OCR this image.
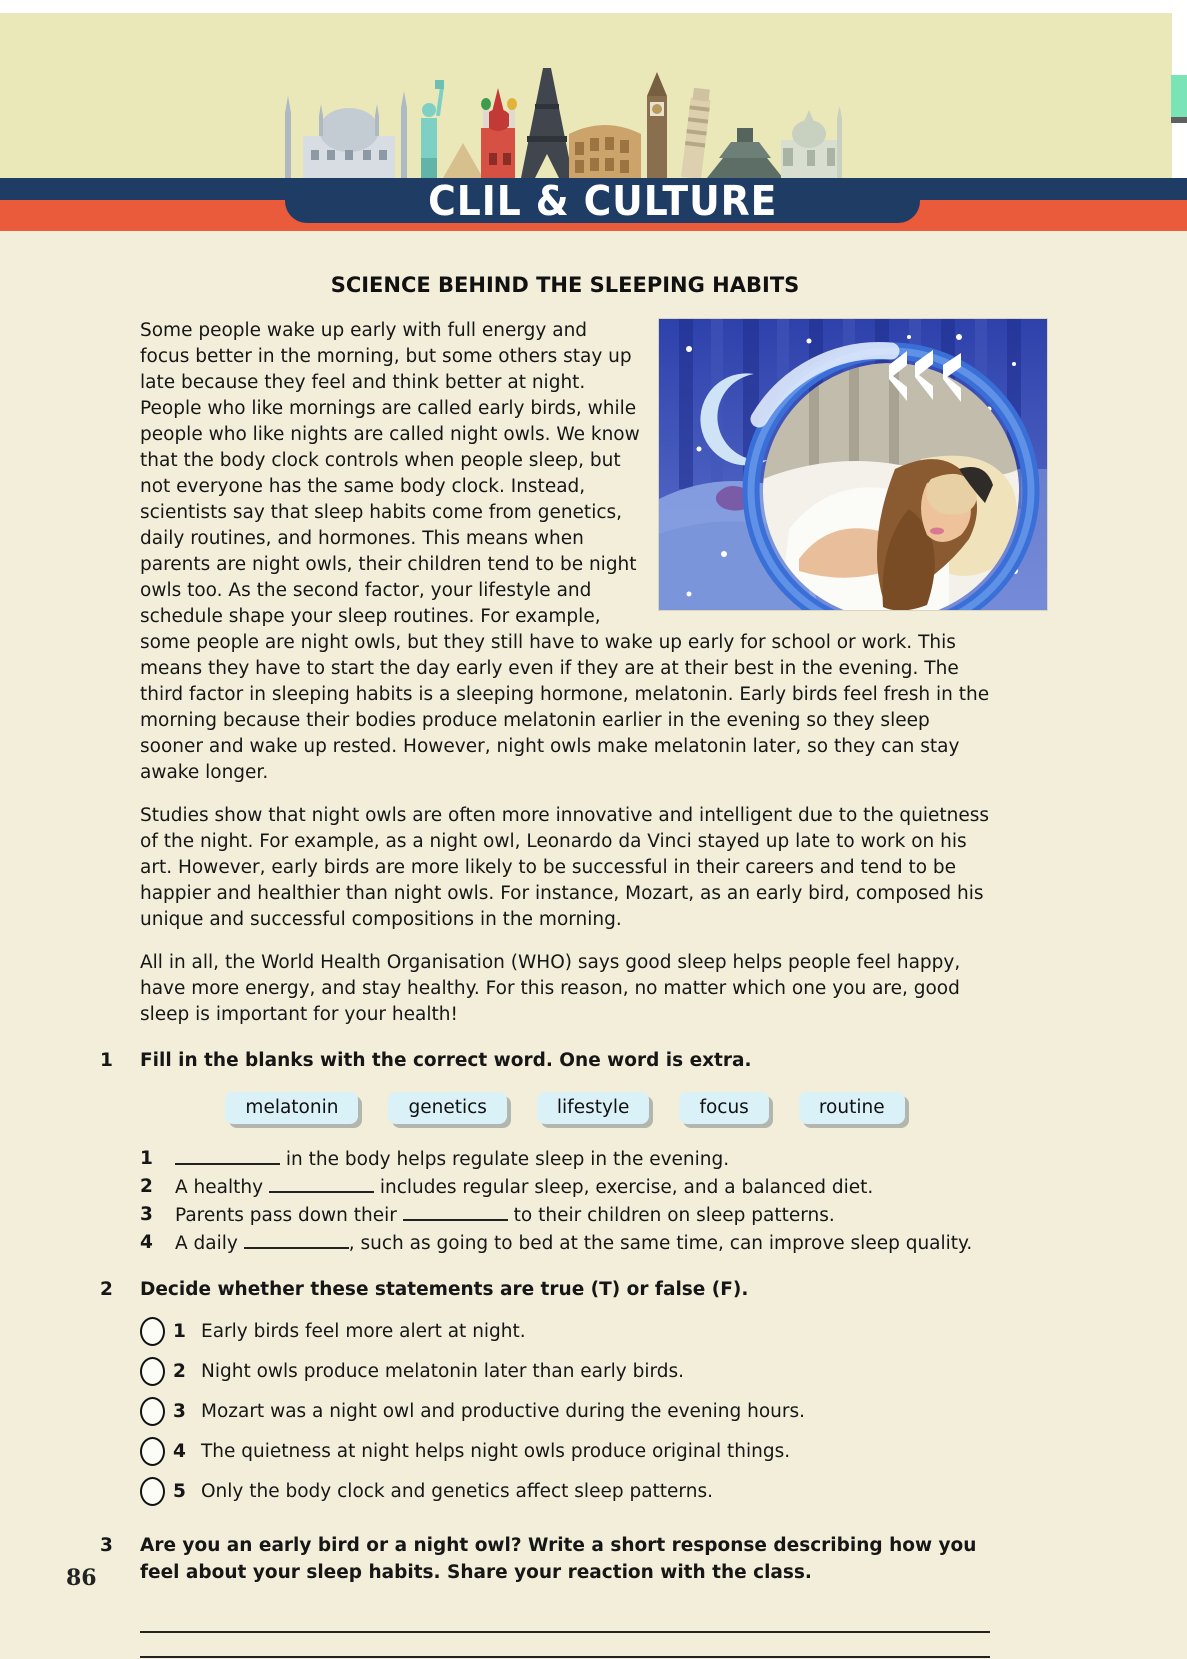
CLIL & CULTURE
SCIENCE BEHIND THE SLEEPING HABITS

Some people wake up early with full energy and focus better in the morning, but some others stay up late because they feel and think better at night. People who like mornings are called early birds, while people who like nights are called night owls. We know that the body clock controls when people sleep, but not everyone has the same body clock. Instead, scientists say that sleep habits come from genetics, daily routines, and hormones. This means when parents are night owls, their children tend to be night owls too. As the second factor, your lifestyle and schedule shape your sleep routines. For example, some people are night owls, but they still have to wake up early for school or work. This means they have to start the day early even if they are at their best in the evening. The third factor in sleeping habits is a sleeping hormone, melatonin. Early birds feel fresh in the morning because their bodies produce melatonin earlier in the evening so they sleep sooner and wake up rested. However, night owls make melatonin later, so they can stay awake longer.

Studies show that night owls are often more innovative and intelligent due to the quietness of the night. For example, as a night owl, Leonardo da Vinci stayed up late to work on his art. However, early birds are more likely to be successful in their careers and tend to be happier and healthier than night owls. For instance, Mozart, as an early bird, composed his unique and successful compositions in the morning.

All in all, the World Health Organisation (WHO) says good sleep helps people feel happy, have more energy, and stay healthy. For this reason, no matter which one you are, good sleep is important for your health!

1	Fill in the blanks with the correct word. One word is extra.
melatonin	genetics	lifestyle	focus	routine
1	in the body helps regulate sleep in the evening.
2	A healthy	includes regular sleep, exercise, and a balanced diet.
3	Parents pass down their	to their children on sleep patterns.
4	A daily	, such as going to bed at the same time, can improve sleep quality.
2	Decide whether these statements are true (T) or false (F).
1 Early birds feel more alert at night.
2 Night owls produce melatonin later than early birds.
3 Mozart was a night owl and productive during the evening hours.
4 The quietness at night helps night owls produce original things.
5 Only the body clock and genetics affect sleep patterns.
3	Are you an early bird or a night owl? Write a short response describing how you feel about your sleep habits. Share your reaction with the class.
86
